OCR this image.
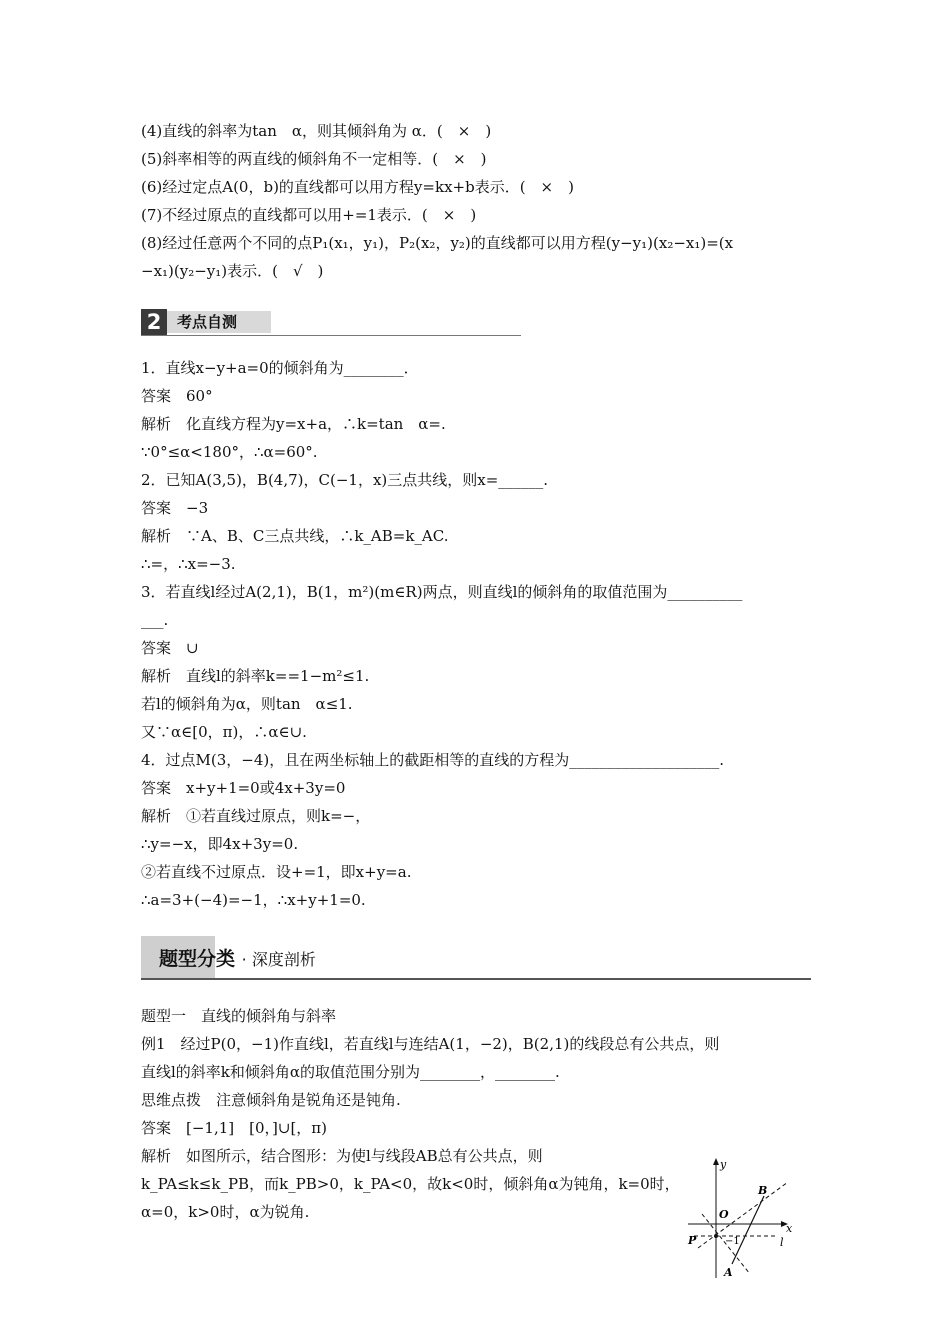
(4)直线的斜率为tan　α，则其倾斜角为 α．(　×　)
(5)斜率相等的两直线的倾斜角不一定相等．(　×　)
(6)经过定点A(0，b)的直线都可以用方程y=kx+b表示．(　×　)
(7)不经过原点的直线都可以用+=1表示．(　×　)
(8)经过任意两个不同的点P₁(x₁，y₁)，P₂(x₂，y₂)的直线都可以用方程(y−y₁)(x₂−x₁)=(x
−x₁)(y₂−y₁)表示．(　√　)
1．直线x−y+a=0的倾斜角为________．
答案　60°
解析　化直线方程为y=x+a，∴k=tan　α=.
∵0°≤α<180°，∴α=60°.
2．已知A(3,5)，B(4,7)，C(−1，x)三点共线，则x=______.
答案　−3
解析　∵A、B、C三点共线，∴k_AB=k_AC.
∴=，∴x=−3.
3．若直线l经过A(2,1)，B(1，m²)(m∈R)两点，则直线l的倾斜角的取值范围为__________
___.
答案　∪
解析　直线l的斜率k==1−m²≤1.
若l的倾斜角为α，则tan　α≤1.
又∵α∈[0，π)，∴α∈∪.
4．过点M(3，−4)，且在两坐标轴上的截距相等的直线的方程为____________________.
答案　x+y+1=0或4x+3y=0
解析　①若直线过原点，则k=−，
∴y=−x，即4x+3y=0.
②若直线不过原点．设+=1，即x+y=a.
∴a=3+(−4)=−1，∴x+y+1=0.
题型一　直线的倾斜角与斜率
例1　经过P(0，−1)作直线l，若直线l与连结A(1，−2)，B(2,1)的线段总有公共点，则
直线l的斜率k和倾斜角α的取值范围分别为________，________.
思维点拨　注意倾斜角是锐角还是钝角.
答案　[−1,1]　[0，]∪[，π)
解析　如图所示，结合图形：为使l与线段AB总有公共点，则
k_PA≤k≤k_PB，而k_PB>0，k_PA<0，故k<0时，倾斜角α为钝角，k=0时，
α=0，k>0时，α为锐角.
2	考点自测
题型分类 · 深度剖析
y
x
O
B
P	−1	l
A
